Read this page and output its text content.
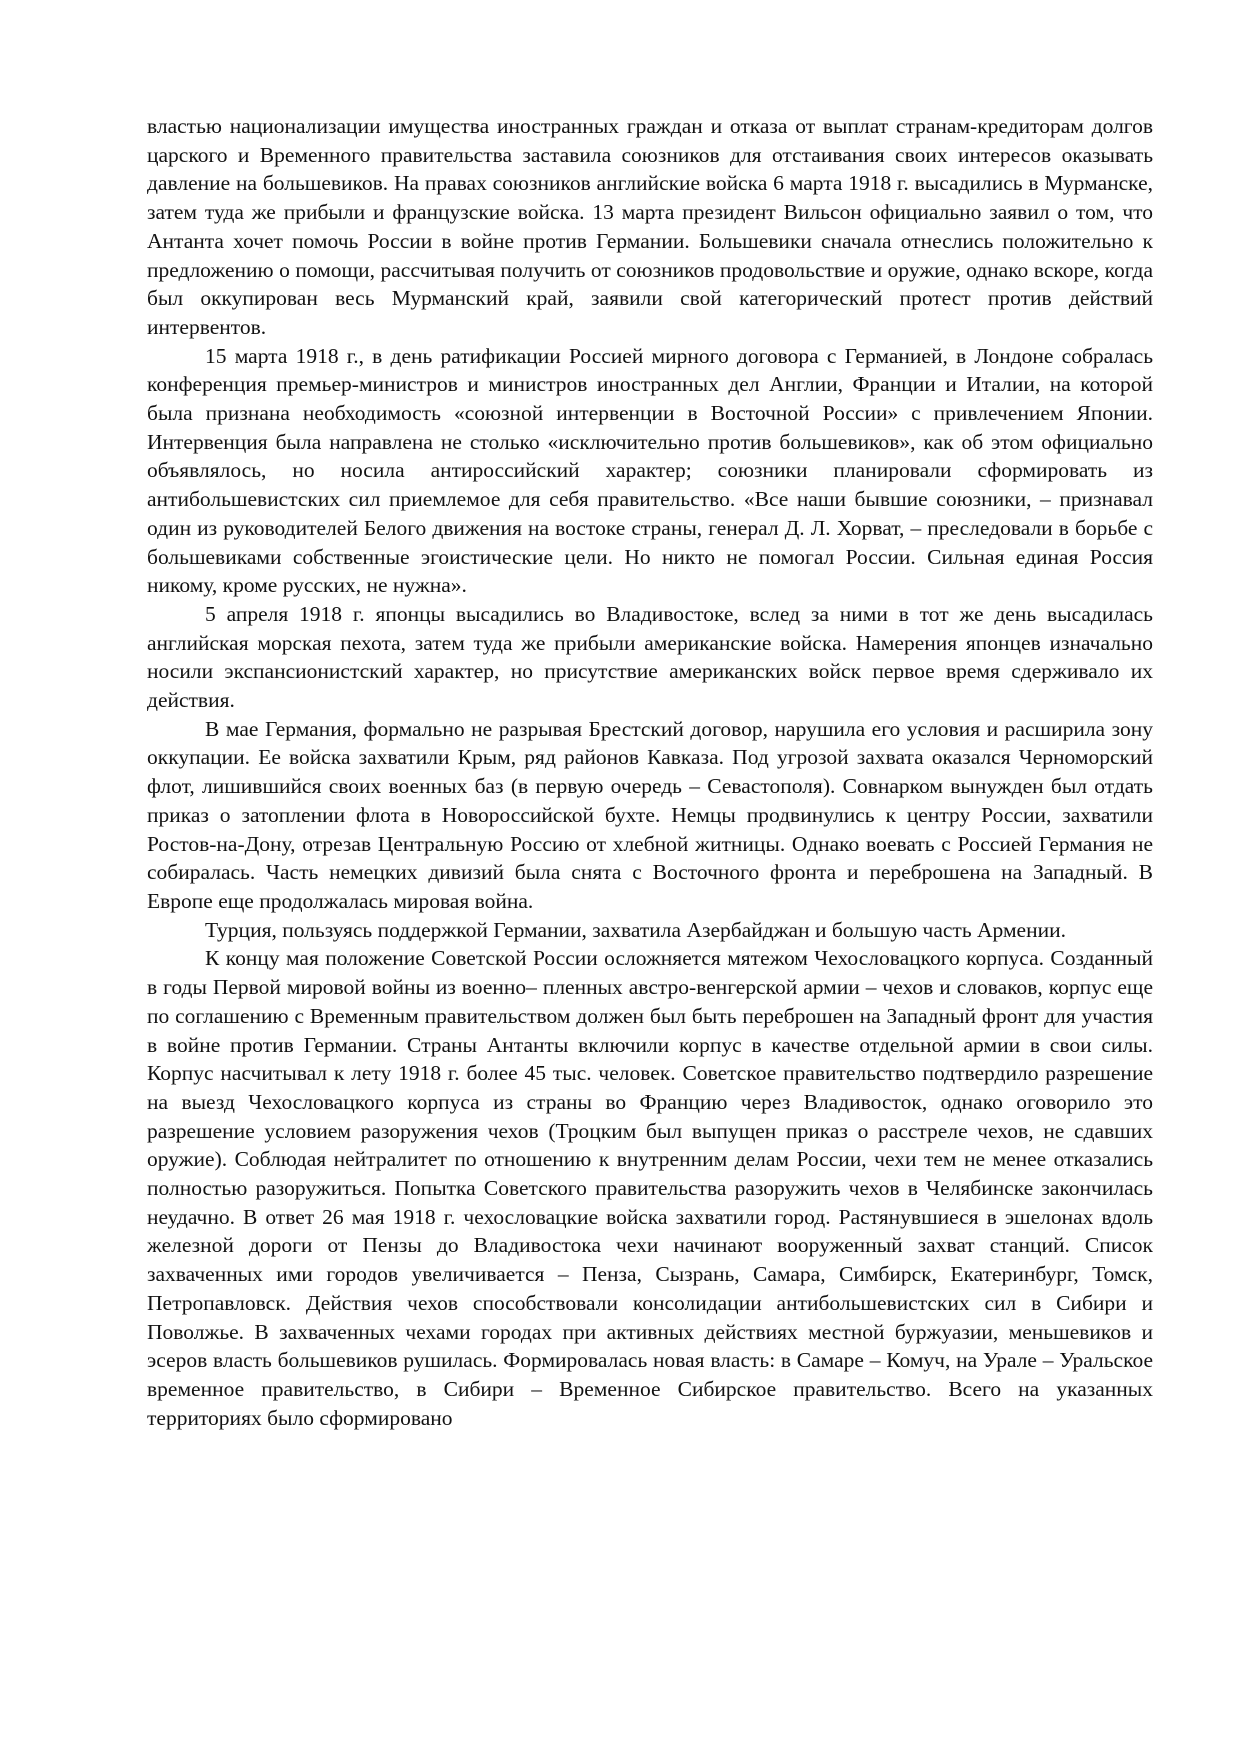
властью национализации имущества иностранных граждан и отказа от выплат странам-кредиторам долгов царского и Временного правительства заставила союзников для отстаивания своих интересов оказывать давление на большевиков. На правах союзников английские войска 6 марта 1918 г. высадились в Мурманске, затем туда же прибыли и французские войска. 13 марта президент Вильсон официально заявил о том, что Антанта хочет помочь России в войне против Германии. Большевики сначала отнеслись положительно к предложению о помощи, рассчитывая получить от союзников продовольствие и оружие, однако вскоре, когда был оккупирован весь Мурманский край, заявили свой категорический протест против действий интервентов.

15 марта 1918 г., в день ратификации Россией мирного договора с Германией, в Лондоне собралась конференция премьер-министров и министров иностранных дел Англии, Франции и Италии, на которой была признана необходимость «союзной интервенции в Восточной России» с привлечением Японии. Интервенция была направлена не столько «исключительно против большевиков», как об этом официально объявлялось, но носила антироссийский характер; союзники планировали сформировать из антибольшевистских сил приемлемое для себя правительство. «Все наши бывшие союзники, – признавал один из руководителей Белого движения на востоке страны, генерал Д. Л. Хорват, – преследовали в борьбе с большевиками собственные эгоистические цели. Но никто не помогал России. Сильная единая Россия никому, кроме русских, не нужна».

5 апреля 1918 г. японцы высадились во Владивостоке, вслед за ними в тот же день высадилась английская морская пехота, затем туда же прибыли американские войска. Намерения японцев изначально носили экспансионистский характер, но присутствие американских войск первое время сдерживало их действия.

В мае Германия, формально не разрывая Брестский договор, нарушила его условия и расширила зону оккупации. Ее войска захватили Крым, ряд районов Кавказа. Под угрозой захвата оказался Черноморский флот, лишившийся своих военных баз (в первую очередь – Севастополя). Совнарком вынужден был отдать приказ о затоплении флота в Новороссийской бухте. Немцы продвинулись к центру России, захватили Ростов-на-Дону, отрезав Центральную Россию от хлебной житницы. Однако воевать с Россией Германия не собиралась. Часть немецких дивизий была снята с Восточного фронта и переброшена на Западный. В Европе еще продолжалась мировая война.

Турция, пользуясь поддержкой Германии, захватила Азербайджан и большую часть Армении.

К концу мая положение Советской России осложняется мятежом Чехословацкого корпуса. Созданный в годы Первой мировой войны из военно– пленных австро-венгерской армии – чехов и словаков, корпус еще по соглашению с Временным правительством должен был быть переброшен на Западный фронт для участия в войне против Германии. Страны Антанты включили корпус в качестве отдельной армии в свои силы. Корпус насчитывал к лету 1918 г. более 45 тыс. человек. Советское правительство подтвердило разрешение на выезд Чехословацкого корпуса из страны во Францию через Владивосток, однако оговорило это разрешение условием разоружения чехов (Троцким был выпущен приказ о расстреле чехов, не сдавших оружие). Соблюдая нейтралитет по отношению к внутренним делам России, чехи тем не менее отказались полностью разоружиться. Попытка Советского правительства разоружить чехов в Челябинске закончилась неудачно. В ответ 26 мая 1918 г. чехословацкие войска захватили город. Растянувшиеся в эшелонах вдоль железной дороги от Пензы до Владивостока чехи начинают вооруженный захват станций. Список захваченных ими городов увеличивается – Пенза, Сызрань, Самара, Симбирск, Екатеринбург, Томск, Петропавловск. Действия чехов способствовали консолидации антибольшевистских сил в Сибири и Поволжье. В захваченных чехами городах при активных действиях местной буржуазии, меньшевиков и эсеров власть большевиков рушилась. Формировалась новая власть: в Самаре – Комуч, на Урале – Уральское временное правительство, в Сибири – Временное Сибирское правительство. Всего на указанных территориях было сформировано
